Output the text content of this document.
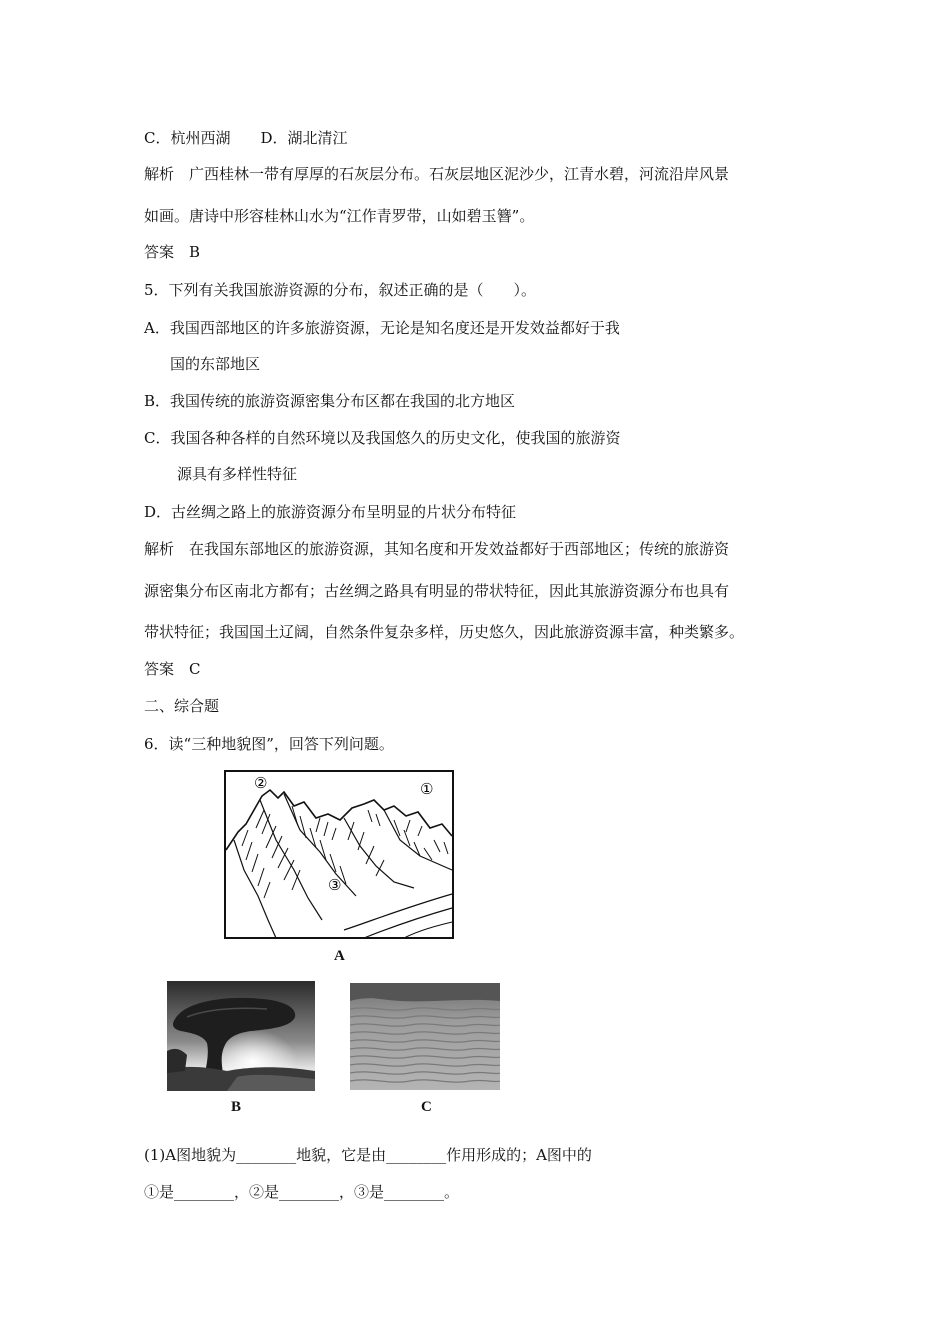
C．杭州西湖　　D．湖北清江
解析　广西桂林一带有厚厚的石灰层分布。石灰层地区泥沙少，江青水碧，河流沿岸风景
如画。唐诗中形容桂林山水为“江作青罗带，山如碧玉簪”。
答案　B
5．下列有关我国旅游资源的分布，叙述正确的是（　　）。
A．我国西部地区的许多旅游资源，无论是知名度还是开发效益都好于我
国的东部地区
B．我国传统的旅游资源密集分布区都在我国的北方地区
C．我国各种各样的自然环境以及我国悠久的历史文化，使我国的旅游资
源具有多样性特征
D．古丝绸之路上的旅游资源分布呈明显的片状分布特征
解析　在我国东部地区的旅游资源，其知名度和开发效益都好于西部地区；传统的旅游资
源密集分布区南北方都有；古丝绸之路具有明显的带状特征，因此其旅游资源分布也具有
带状特征；我国国土辽阔，自然条件复杂多样，历史悠久，因此旅游资源丰富，种类繁多。
答案　C
二、综合题
6．读“三种地貌图”，回答下列问题。
②	①
③
A
B	C
(1)A图地貌为________地貌，它是由________作用形成的；A图中的
①是________，②是________，③是________。
